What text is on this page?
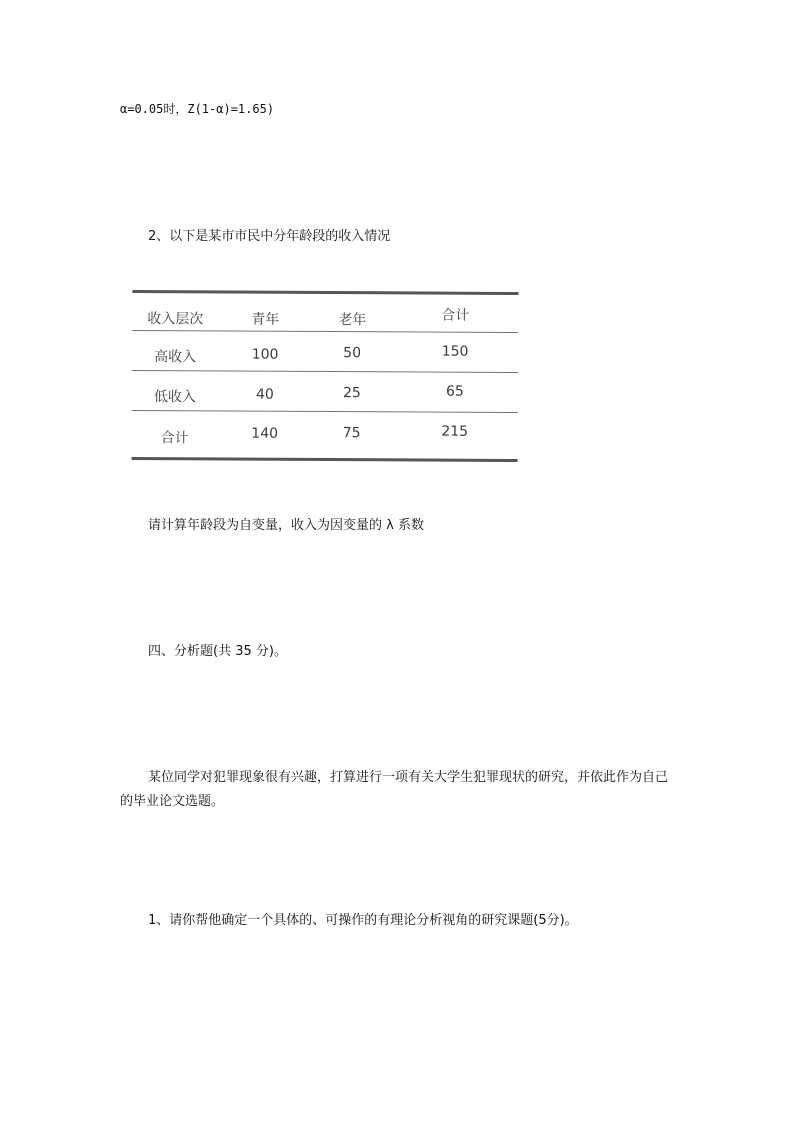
α=0.05时，Z(1-α)=1.65)
2、以下是某市市民中分年龄段的收入情况
收入层次	青年	老年	合计
高收入	100	50	150
低收入	40	25	65
合计	140	75	215
请计算年龄段为自变量，收入为因变量的 λ 系数
四、分析题(共 35 分)。
某位同学对犯罪现象很有兴趣，打算进行一项有关大学生犯罪现状的研究，并依此作为自己的毕业论文选题。
1、请你帮他确定一个具体的、可操作的有理论分析视角的研究课题(5分)。
